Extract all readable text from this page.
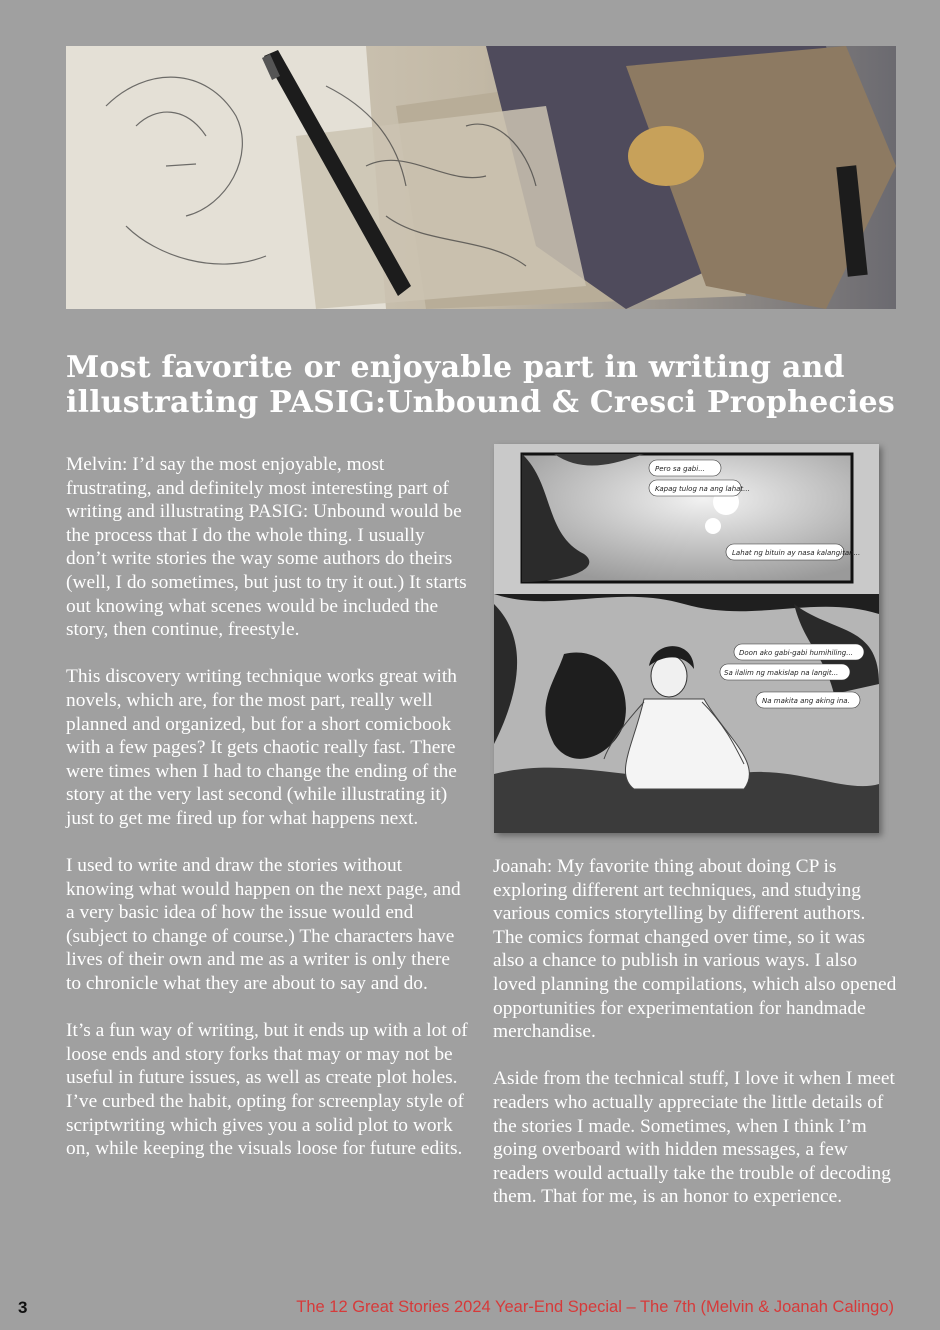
Most favorite or enjoyable part in writing and
illustrating PASIG:Unbound & Cresci Prophecies

Melvin: I’d say the most enjoyable, most frustrating, and definitely most interesting part of writing and illustrating PASIG: Unbound would be the process that I do the whole thing. I usually don’t write stories the way some authors do theirs (well, I do sometimes, but just to try it out.) It starts out knowing what scenes would be included the story, then continue, freestyle.

This discovery writing technique works great with novels, which are, for the most part, really well planned and organized, but for a short comicbook with a few pages? It gets chaotic really fast. There were times when I had to change the ending of the story at the very last second (while illustrating it) just to get me fired up for what happens next.

I used to write and draw the stories without knowing what would happen on the next page, and a very basic idea of how the issue would end (subject to change of course.) The characters have lives of their own and me as a writer is only there to chronicle what they are about to say and do.

It’s a fun way of writing, but it ends up with a lot of loose ends and story forks that may or may not be useful in future issues, as well as create plot holes. I’ve curbed the habit, opting for screenplay style of scriptwriting which gives you a solid plot to work on, while keeping the visuals loose for future edits.

Pero sa gabi...
Kapag tulog na ang lahat...
Lahat ng bituin ay nasa kalangitan...
Doon ako gabi-gabi humihiling...
Sa ilalim ng makislap na langit...
Na makita ang aking ina.

Joanah: My favorite thing about doing CP is exploring different art techniques, and studying various comics storytelling by different authors. The comics format changed over time, so it was also a chance to publish in various ways. I also loved planning the compilations, which also opened opportunities for experimentation for handmade merchandise.

Aside from the technical stuff, I love it when I meet readers who actually appreciate the little details of the stories I made. Sometimes, when I think I’m going overboard with hidden messages, a few readers would actually take the trouble of decoding them. That for me, is an honor to experience.

3	The 12 Great Stories 2024 Year-End Special – The 7th (Melvin & Joanah Calingo)
